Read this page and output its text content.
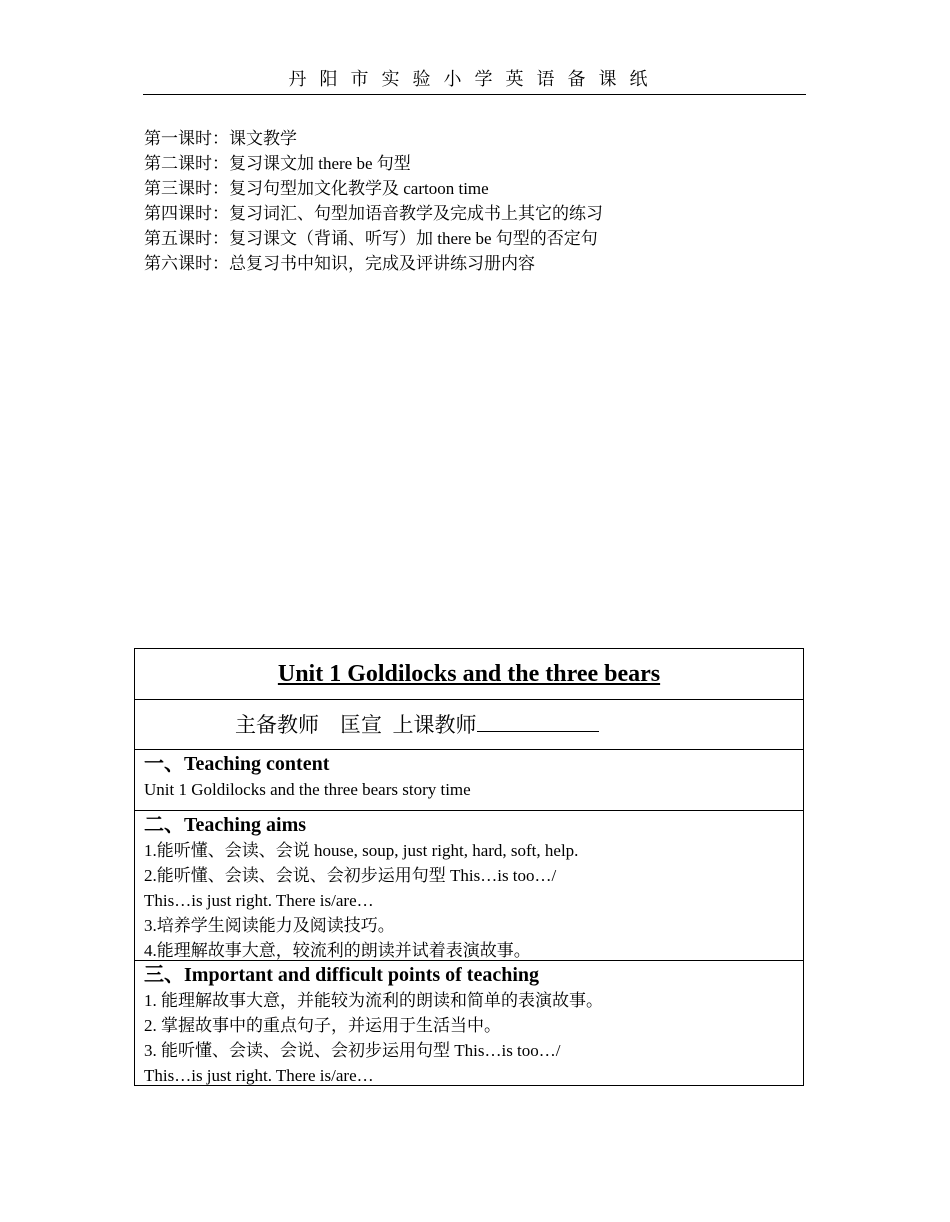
丹阳市实验小学英语备课纸
第一课时：课文教学
第二课时：复习课文加 there be 句型
第三课时：复习句型加文化教学及 cartoon time
第四课时：复习词汇、句型加语音教学及完成书上其它的练习
第五课时：复习课文（背诵、听写）加 there be 句型的否定句
第六课时：总复习书中知识，完成及评讲练习册内容
Unit 1 Goldilocks and the three bears
主备教师 匡宣 上课教师
一、Teaching content
Unit 1 Goldilocks and the three bears story time
二、Teaching aims
1.能听懂、会读、会说 house, soup, just right, hard, soft, help.
2.能听懂、会读、会说、会初步运用句型 This…is too…/
This…is just right. There is/are…
3.培养学生阅读能力及阅读技巧。
4.能理解故事大意，较流利的朗读并试着表演故事。
三、Important and difficult points of teaching
1. 能理解故事大意，并能较为流利的朗读和简单的表演故事。
2. 掌握故事中的重点句子，并运用于生活当中。
3. 能听懂、会读、会说、会初步运用句型 This…is too…/
This…is just right. There is/are…
